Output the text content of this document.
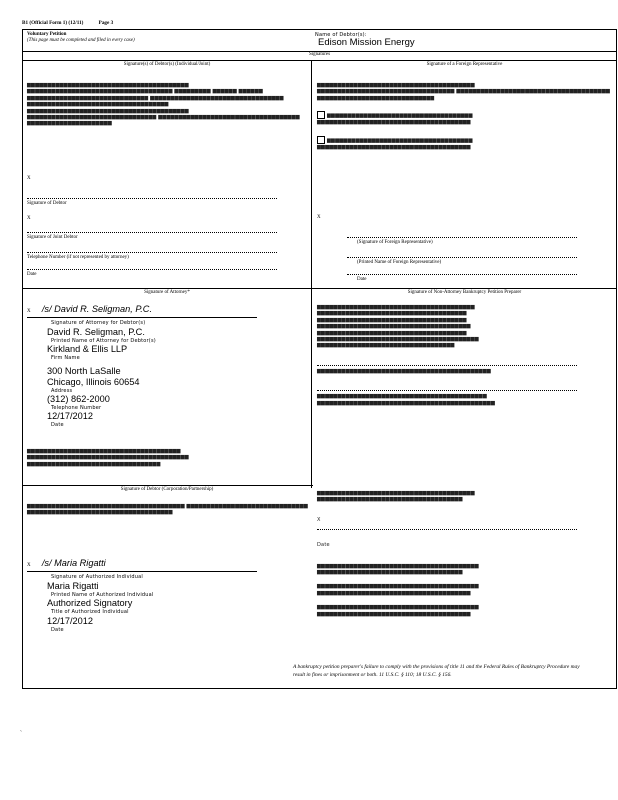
B1 (Official Form 1) (12/11)	Page 3
Voluntary Petition
(This page must be completed and filed in every case)
Name of Debtor(s):
Edison Mission Energy
Signatures
Signature(s) of Debtor(s) (Individual/Joint)
▆▆▆▆▆▆▆▆▆▆▆▆▆▆▆▆▆▆▆▆▆▆▆▆▆▆▆▆▆▆▆▆▆▆▆▆▆▆▆▆ ▆▆▆▆▆▆▆▆▆▆▆▆▆▆▆▆▆▆▆▆▆▆▆▆▆▆▆▆▆▆▆▆▆▆▆▆ ▆▆▆▆▆▆▆▆▆ ▆▆▆▆▆▆ ▆▆▆▆▆▆ ▆▆▆▆▆▆▆▆▆▆▆▆▆▆▆▆▆▆▆▆▆▆▆▆▆▆▆▆▆▆ ▆▆▆▆▆▆▆▆▆▆▆▆▆▆▆▆▆▆▆▆▆▆▆▆▆▆▆▆▆▆▆▆▆ ▆▆▆▆▆▆▆▆▆▆▆▆▆▆▆▆▆▆▆▆▆▆▆▆▆▆▆▆▆▆▆▆▆▆▆ ▆▆▆▆▆▆▆▆▆▆▆▆▆▆▆▆▆▆▆▆▆▆▆▆▆▆▆▆▆▆▆▆▆▆▆▆▆▆▆▆ ▆▆▆▆▆▆▆▆▆▆▆▆▆▆▆▆▆▆▆▆▆▆▆▆▆▆▆▆▆▆▆▆ ▆▆▆▆▆▆▆▆▆▆▆▆▆▆▆▆▆▆▆▆▆▆▆▆▆▆▆▆▆▆▆▆▆▆▆ ▆▆▆▆▆▆▆▆▆▆▆▆▆▆▆▆▆▆▆▆▆
X
Signature of Debtor
X
Signature of Joint Debtor
Telephone Number (if not represented by attorney)
Date
Signature of a Foreign Representative
▆▆▆▆▆▆▆▆▆▆▆▆▆▆▆▆▆▆▆▆▆▆▆▆▆▆▆▆▆▆▆▆▆▆▆▆▆▆▆ ▆▆▆▆▆▆▆▆▆▆▆▆▆▆▆▆▆▆▆▆▆▆▆▆▆▆▆▆▆▆▆▆▆▆ ▆▆▆▆▆▆▆▆▆▆▆▆▆▆▆▆▆▆▆▆▆▆▆▆▆▆▆▆▆▆▆▆▆▆▆▆▆▆ ▆▆▆▆▆▆▆▆▆▆▆▆▆▆▆▆▆▆▆▆▆▆▆▆▆▆▆▆▆
▆▆▆▆▆▆▆▆▆▆▆▆▆▆▆▆▆▆▆▆▆▆▆▆▆▆▆▆▆▆▆▆▆▆▆▆ ▆▆▆▆▆▆▆▆▆▆▆▆▆▆▆▆▆▆▆▆▆▆▆▆▆▆▆▆▆▆▆▆▆▆▆▆▆▆
▆▆▆▆▆▆▆▆▆▆▆▆▆▆▆▆▆▆▆▆▆▆▆▆▆▆▆▆▆▆▆▆▆▆▆▆ ▆▆▆▆▆▆▆▆▆▆▆▆▆▆▆▆▆▆▆▆▆▆▆▆▆▆▆▆▆▆▆▆▆▆▆▆▆▆
X
(Signature of Foreign Representative)
(Printed Name of Foreign Representative)
Date
Signature of Attorney*
X /s/ David R. Seligman, P.C.
Signature of Attorney for Debtor(s)
David R. Seligman, P.C.
Printed Name of Attorney for Debtor(s)
Kirkland & Ellis LLP
Firm Name
300 North LaSalle
Chicago, Illinois 60654
Address
(312) 862-2000
Telephone Number
12/17/2012
Date
▆▆▆▆▆▆▆▆▆▆▆▆▆▆▆▆▆▆▆▆▆▆▆▆▆▆▆▆▆▆▆▆▆▆▆▆▆▆ ▆▆▆▆▆▆▆▆▆▆▆▆▆▆▆▆▆▆▆▆▆▆▆▆▆▆▆▆▆▆▆▆▆▆▆▆▆▆▆▆ ▆▆▆▆▆▆▆▆▆▆▆▆▆▆▆▆▆▆▆▆▆▆▆▆▆▆▆▆▆▆▆▆▆
Signature of Non-Attorney Bankruptcy Petition Preparer
▆▆▆▆▆▆▆▆▆▆▆▆▆▆▆▆▆▆▆▆▆▆▆▆▆▆▆▆▆▆▆▆▆▆▆▆▆▆▆ ▆▆▆▆▆▆▆▆▆▆▆▆▆▆▆▆▆▆▆▆▆▆▆▆▆▆▆▆▆▆▆▆▆▆▆▆▆ ▆▆▆▆▆▆▆▆▆▆▆▆▆▆▆▆▆▆▆▆▆▆▆▆▆▆▆▆▆▆▆▆▆▆▆▆▆ ▆▆▆▆▆▆▆▆▆▆▆▆▆▆▆▆▆▆▆▆▆▆▆▆▆▆▆▆▆▆▆▆▆▆▆▆▆▆ ▆▆▆▆▆▆▆▆▆▆▆▆▆▆▆▆▆▆▆▆▆▆▆▆▆▆▆▆▆▆▆▆▆▆▆▆▆ ▆▆▆▆▆▆▆▆▆▆▆▆▆▆▆▆▆▆▆▆▆▆▆▆▆▆▆▆▆▆▆▆▆▆▆▆▆▆▆▆ ▆▆▆▆▆▆▆▆▆▆▆▆▆▆▆▆▆▆▆▆▆▆▆▆▆▆▆▆▆▆▆▆▆▆
▆▆▆▆▆▆▆▆▆▆▆▆▆▆▆▆▆▆▆▆▆▆▆▆▆▆▆▆▆▆▆▆▆▆▆▆▆▆▆▆▆▆▆
▆▆▆▆▆▆▆▆▆▆▆▆▆▆▆▆▆▆▆▆▆▆▆▆▆▆▆▆▆▆▆▆▆▆▆▆▆▆▆▆▆▆ ▆▆▆▆▆▆▆▆▆▆▆▆▆▆▆▆▆▆▆▆▆▆▆▆▆▆▆▆▆▆▆▆▆▆▆▆▆▆▆▆▆▆▆▆
Signature of Debtor (Corporation/Partnership)
▆▆▆▆▆▆▆▆▆▆▆▆▆▆▆▆▆▆▆▆▆▆▆▆▆▆▆▆▆▆▆▆▆▆▆▆▆▆▆ ▆▆▆▆▆▆▆▆▆▆▆▆▆▆▆▆▆▆▆▆▆▆▆▆▆▆▆▆▆▆ ▆▆▆▆▆▆▆▆▆▆▆▆▆▆▆▆▆▆▆▆▆▆▆▆▆▆▆▆▆▆▆▆▆▆▆▆
X /s/ Maria Rigatti
Signature of Authorized Individual
Maria Rigatti
Printed Name of Authorized Individual
Authorized Signatory
Title of Authorized Individual
12/17/2012
Date
▆▆▆▆▆▆▆▆▆▆▆▆▆▆▆▆▆▆▆▆▆▆▆▆▆▆▆▆▆▆▆▆▆▆▆▆▆▆▆ ▆▆▆▆▆▆▆▆▆▆▆▆▆▆▆▆▆▆▆▆▆▆▆▆▆▆▆▆▆▆▆▆▆▆▆▆
X
Date
▆▆▆▆▆▆▆▆▆▆▆▆▆▆▆▆▆▆▆▆▆▆▆▆▆▆▆▆▆▆▆▆▆▆▆▆▆▆▆▆ ▆▆▆▆▆▆▆▆▆▆▆▆▆▆▆▆▆▆▆▆▆▆▆▆▆▆▆▆▆▆▆▆▆▆▆▆
▆▆▆▆▆▆▆▆▆▆▆▆▆▆▆▆▆▆▆▆▆▆▆▆▆▆▆▆▆▆▆▆▆▆▆▆▆▆▆▆ ▆▆▆▆▆▆▆▆▆▆▆▆▆▆▆▆▆▆▆▆▆▆▆▆▆▆▆▆▆▆▆▆▆▆▆▆▆▆
▆▆▆▆▆▆▆▆▆▆▆▆▆▆▆▆▆▆▆▆▆▆▆▆▆▆▆▆▆▆▆▆▆▆▆▆▆▆▆▆ ▆▆▆▆▆▆▆▆▆▆▆▆▆▆▆▆▆▆▆▆▆▆▆▆▆▆▆▆▆▆▆▆▆▆▆▆▆▆
A bankruptcy petition preparer's failure to comply with the provisions of title 11 and the Federal Rules of Bankruptcy Procedure may result in fines or imprisonment or both. 11 U.S.C. § 110; 18 U.S.C. § 156.
`
